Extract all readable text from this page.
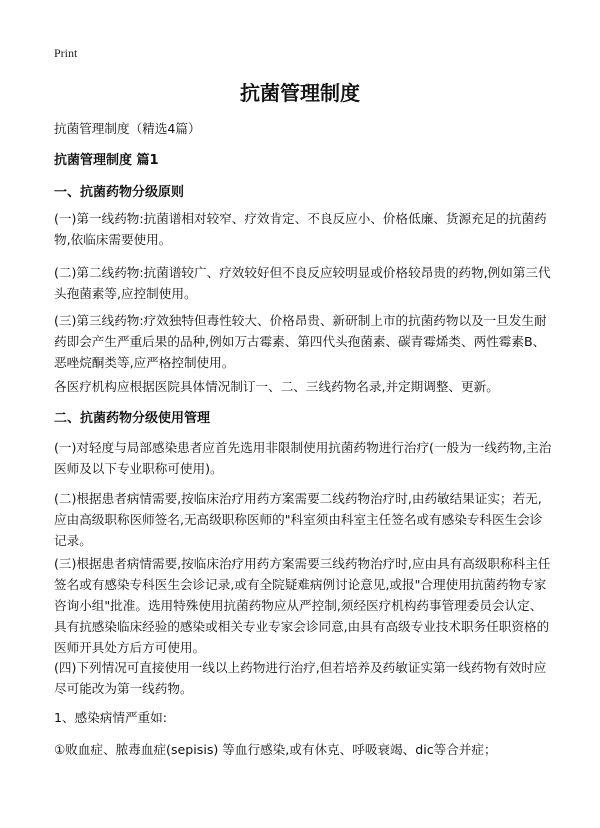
Print
抗菌管理制度
抗菌管理制度（精选4篇）
抗菌管理制度 篇1
一、抗菌药物分级原则
(一)第一线药物:抗菌谱相对较窄、疗效肯定、不良反应小、价格低廉、货源充足的抗菌药物,依临床需要使用。
(二)第二线药物:抗菌谱较广、疗效较好但不良反应较明显或价格较昂贵的药物,例如第三代头孢菌素等,应控制使用。
(三)第三线药物:疗效独特但毒性较大、价格昂贵、新研制上市的抗菌药物以及一旦发生耐药即会产生严重后果的品种,例如万古霉素、第四代头孢菌素、碳青霉烯类、两性霉素B、恶唑烷酮类等,应严格控制使用。
各医疗机构应根据医院具体情况制订一、二、三线药物名录,并定期调整、更新。
二、抗菌药物分级使用管理
(一)对轻度与局部感染患者应首先选用非限制使用抗菌药物进行治疗(一般为一线药物,主治医师及以下专业职称可使用)。
(二)根据患者病情需要,按临床治疗用药方案需要二线药物治疗时,由药敏结果证实；若无,应由高级职称医师签名,无高级职称医师的"科室须由科室主任签名或有感染专科医生会诊记录。
(三)根据患者病情需要,按临床治疗用药方案需要三线药物治疗时,应由具有高级职称科主任签名或有感染专科医生会诊记录,或有全院疑难病例讨论意见,或报"合理使用抗菌药物专家咨询小组"批准。选用特殊使用抗菌药物应从严控制,须经医疗机构药事管理委员会认定、具有抗感染临床经验的感染或相关专业专家会诊同意,由具有高级专业技术职务任职资格的医师开具处方后方可使用。
(四)下列情况可直接使用一线以上药物进行治疗,但若培养及药敏证实第一线药物有效时应尽可能改为第一线药物。
1、感染病情严重如:
①败血症、脓毒血症(sepisis) 等血行感染,或有休克、呼吸衰竭、dic等合并症；
